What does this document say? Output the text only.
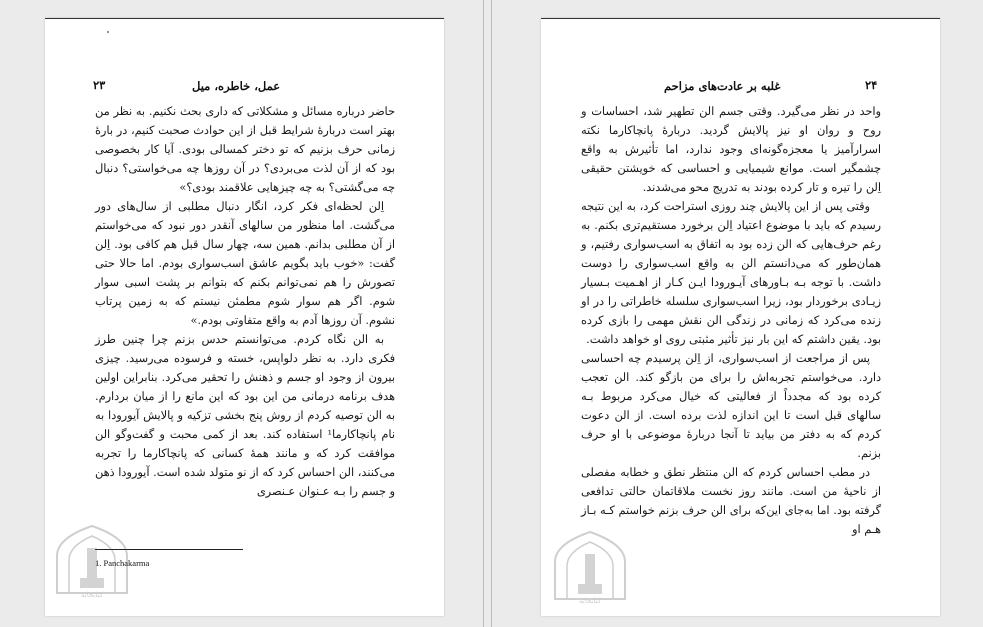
۲۳	عمل، خاطره، میل

حاضر درباره مسائل و مشکلاتی که داری بحث نکنیم. به نظر من بهتر است دربارهٔ شرایط قبل از این حوادث صحبت کنیم، در بارهٔ زمانی حرف بزنیم که تو دختر کمسالی بودی. آیا کار بخصوصی بود که از آن لذت می‌بردی؟ در آن روزها چه می‌خواستی؟ دنبال چه می‌گشتی؟ به چه چیزهایی علاقمند بودی؟»

اِلن لحظه‌ای فکر کرد، انگار دنبال مطلبی از سال‌های دور می‌گشت. اما منظور من سالهای آنقدر دور نبود که می‌خواستم از آن مطلبی بدانم. همین سه، چهار سال قبل هم کافی بود. اِلن گفت: «خوب باید بگویم عاشق اسب‌سواری بودم. اما حالا حتی تصورش را هم نمی‌توانم بکنم که بتوانم بر پشت اسبی سوار شوم. اگر هم سوار شوم مطمئن نیستم که به زمین پرتاب نشوم. آن روزها آدم به واقع متفاوتی بودم.»

به الن نگاه کردم. می‌توانستم حدس بزنم چرا چنین طرز فکری دارد. به نظر دلواپس، خسته و فرسوده می‌رسید. چیزی بیرون از وجود او جسم و ذهنش را تحقیر می‌کرد. بنابراین اولین هدف برنامه درمانی من این بود که این مانع را از میان بردارم. به الن توصیه کردم از روش پنج بخشی تزکیه و پالایش آیورودا به نام پانچاکارما¹ استفاده کند. بعد از کمی محبت و گفت‌وگو الن موافقت کرد که و مانند همهٔ کسانی که پانچاکارما را تجربه می‌کنند، الن احساس کرد که از نو متولد شده است. آیورودا ذهن و جسم را بـه عـنوان عـنصری

1. Panchakarma
کتابخانه
غلبه بر عادت‌های مزاحم	۲۴

واحد در نظر می‌گیرد. وقتی جسم الن تطهیر شد، احساسات و روح و روان او نیز پالایش گردید. دربارهٔ پانچاکارما نکته اسرارآمیز یا معجزه‌گونه‌ای وجود ندارد، اما تأثیرش به واقع چشمگیر است. موانع شیمیایی و احساسی که خویشتن حقیقی اِلن را تیره و تار کرده بودند به تدریج محو می‌شدند.

وقتی پس از این پالایش چند روزی استراحت کرد، به این نتیجه رسیدم که باید با موضوع اعتیاد اِلن برخورد مستقیم‌تری بکنم. به رغم حرف‌هایی که الن زده بود به اتفاق به اسب‌سواری رفتیم، و همان‌طور که می‌دانستم الن به واقع اسب‌سواری را دوست داشت. با توجه بـه بـاورهای آیـورودا ایـن کـار از اهـمیت بـسیار زیـادی برخوردار بود، زیرا اسب‌سواری سلسله خاطراتی را در او زنده می‌کرد که زمانی در زندگی الن نقش مهمی را بازی کرده بود. یقین داشتم که این بار نیز تأثیر مثبتی روی او خواهد داشت.

پس از مراجعت از اسب‌سواری، از اِلن پرسیدم چه احساسی دارد. می‌خواستم تجربه‌اش را برای من بازگو کند. الن تعجب کرده بود که مجدداً از فعالیتی که خیال می‌کرد مربوط بـه سالهای قبل است تا این اندازه لذت برده است. از الن دعوت کردم که به دفتر من بیاید تا آنجا دربارهٔ موضوعی با او حرف بزنم.

در مطب احساس کردم که الن منتظر نطق و خطابه مفصلی از ناحیهٔ من است. مانند روز نخست ملاقاتمان حالتی تدافعی گرفته بود. اما به‌جای این‌که برای الن حرف بزنم خواستم کـه بـاز هـم او

کتابخانه
